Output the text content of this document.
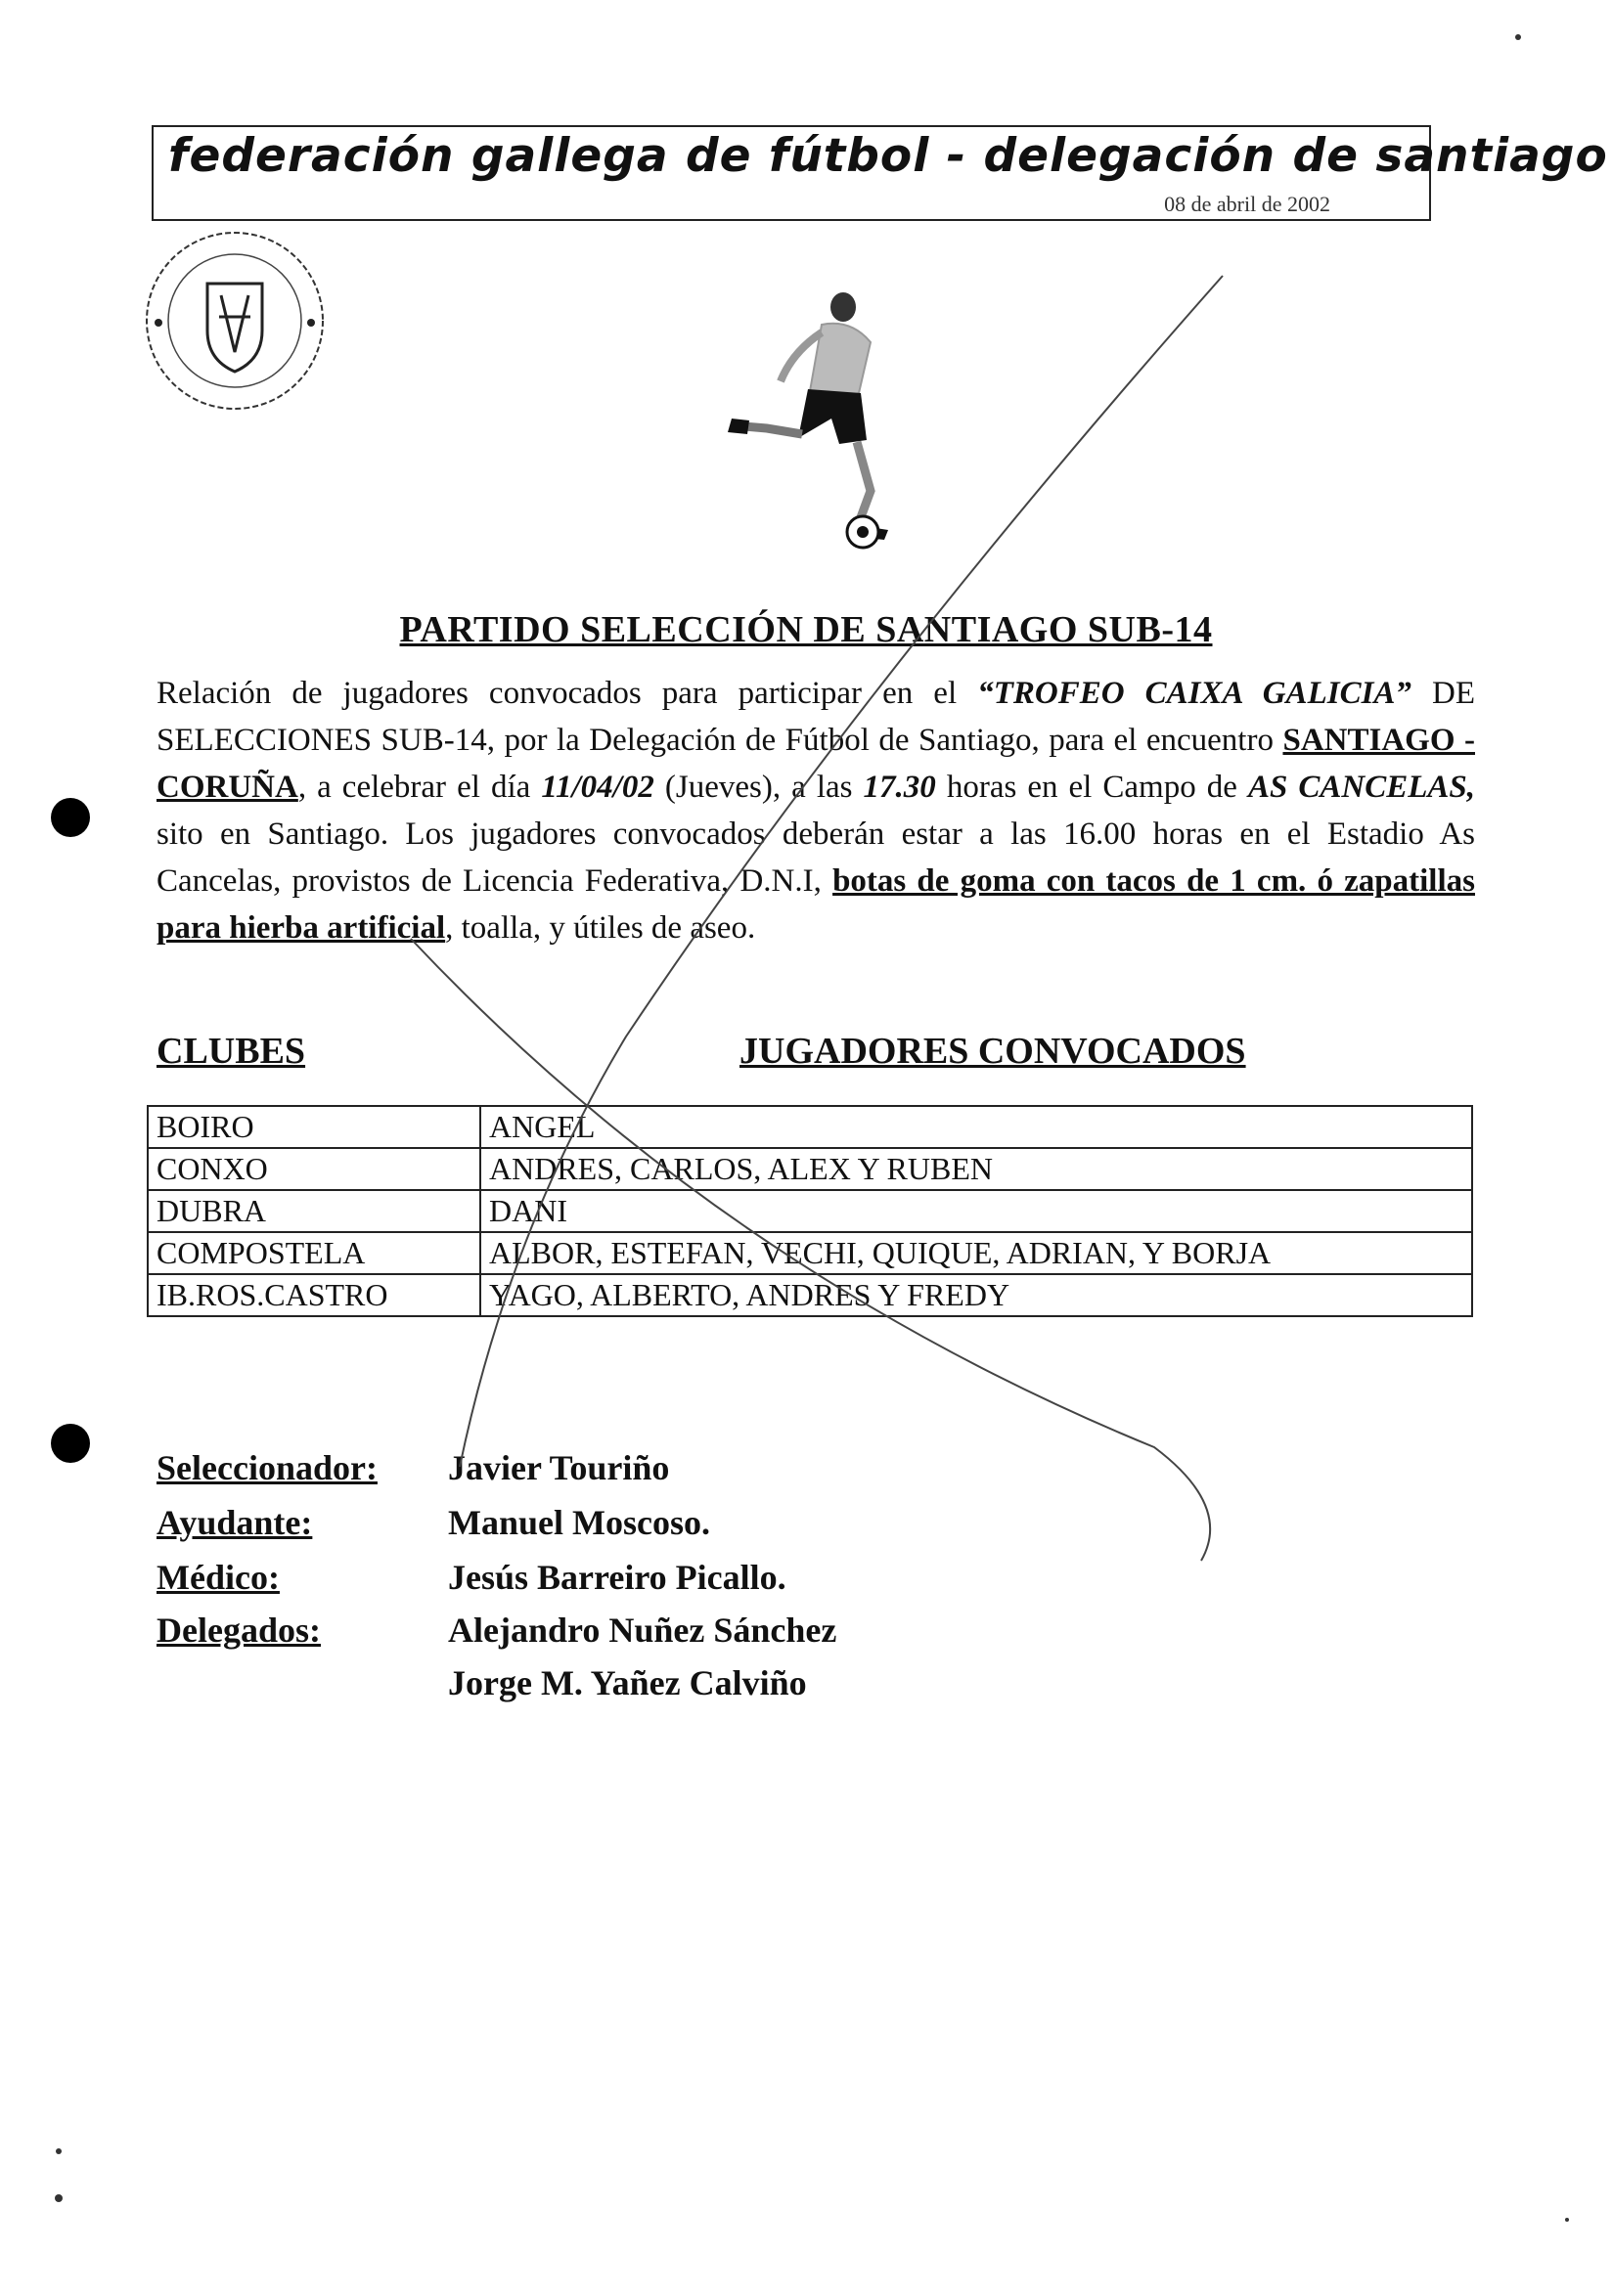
federación gallega de fútbol - delegación de santiago
08 de abril de 2002
PARTIDO SELECCIÓN DE SANTIAGO SUB-14
Relación de jugadores convocados para participar en el “TROFEO CAIXA GALICIA” DE SELECCIONES SUB-14, por la Delegación de Fútbol de Santiago, para el encuentro SANTIAGO - CORUÑA, a celebrar el día 11/04/02 (Jueves), a las 17.30 horas en el Campo de AS CANCELAS, sito en Santiago. Los jugadores convocados deberán estar a las 16.00 horas en el Estadio As Cancelas, provistos de Licencia Federativa, D.N.I, botas de goma con tacos de 1 cm. ó zapatillas para hierba artificial, toalla, y útiles de aseo.
CLUBES	JUGADORES CONVOCADOS
BOIRO	ANGEL
CONXO	ANDRES, CARLOS, ALEX Y RUBEN
DUBRA	DANI
COMPOSTELA	ALBOR, ESTEFAN, VECHI, QUIQUE, ADRIAN, Y BORJA
IB.ROS.CASTRO	YAGO, ALBERTO, ANDRES Y FREDY
Seleccionador: Javier Touriño
Ayudante:	Manuel Moscoso.
Médico:	Jesús Barreiro Picallo.
Delegados:	Alejandro Nuñez Sánchez
Jorge M. Yañez Calviño
